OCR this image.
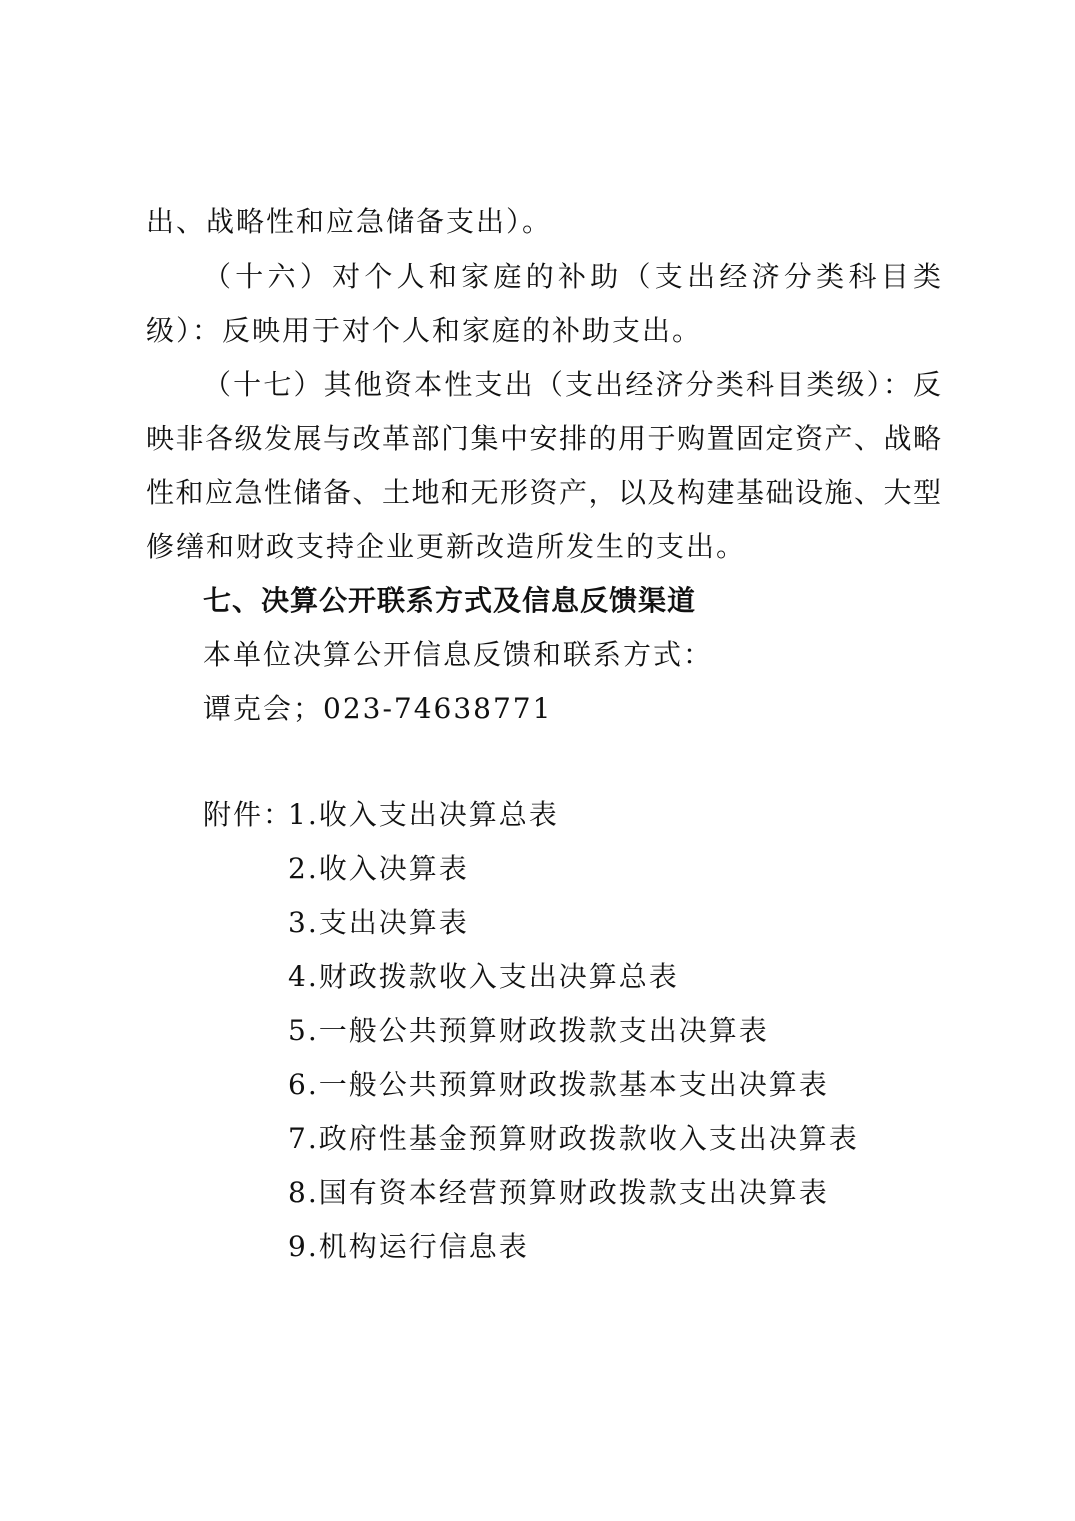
出、战略性和应急储备支出）。
（十六）对个人和家庭的补助（支出经济分类科目类
级）：反映用于对个人和家庭的补助支出。
（十七）其他资本性支出（支出经济分类科目类级）：反
映非各级发展与改革部门集中安排的用于购置固定资产、战略
性和应急性储备、土地和无形资产，以及构建基础设施、大型
修缮和财政支持企业更新改造所发生的支出。
七、决算公开联系方式及信息反馈渠道
本单位决算公开信息反馈和联系方式：
谭克会；023-74638771
附件：
1.收入支出决算总表
2.收入决算表
3.支出决算表
4.财政拨款收入支出决算总表
5.一般公共预算财政拨款支出决算表
6.一般公共预算财政拨款基本支出决算表
7.政府性基金预算财政拨款收入支出决算表
8.国有资本经营预算财政拨款支出决算表
9.机构运行信息表
